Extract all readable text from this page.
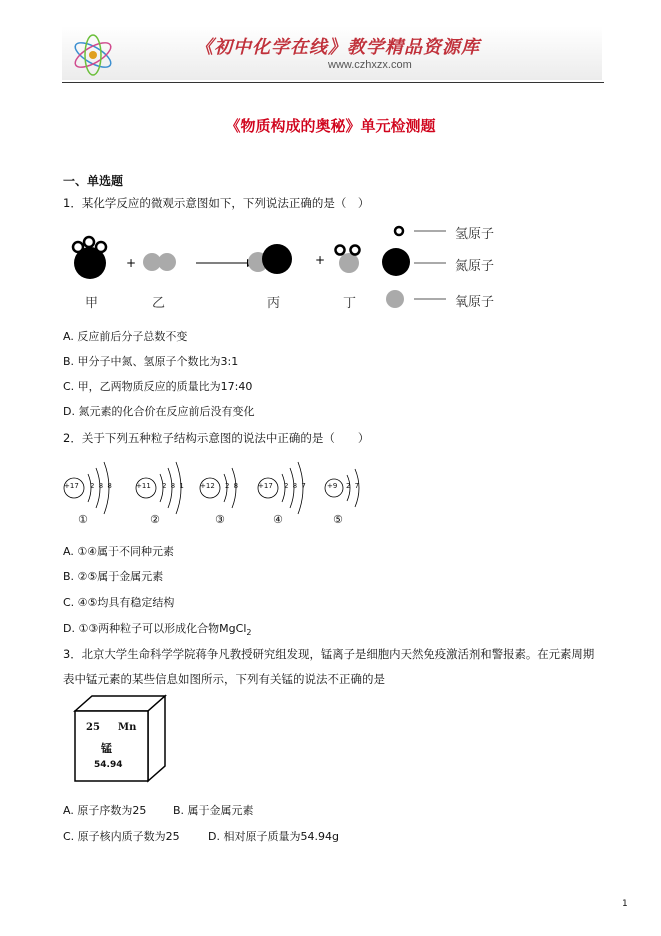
《初中化学在线》教学精品资源库
www.czhxzx.com
《物质构成的奥秘》单元检测题
一、单选题
1．某化学反应的微观示意图如下，下列说法正确的是（　）
+	+
氢原子
氮原子
氧原子
甲	乙	丙	丁
A. 反应前后分子总数不变
B. 甲分子中氮、氢原子个数比为3:1
C. 甲，乙两物质反应的质量比为17:40
D. 氮元素的化合价在反应前后没有变化
2．关于下列五种粒子结构示意图的说法中正确的是（　　）
+17 2 8 8	+11 2 8 1 +12 2 8	+17 2 8 7	+9 2 7
①	②	③	④	⑤
A. ①④属于不同种元素
B. ②⑤属于金属元素
C. ④⑤均具有稳定结构
D. ①③两种粒子可以形成化合物MgCl$_2$
3．北京大学生命科学学院蒋争凡教授研究组发现，锰离子是细胞内天然免疫激活剂和警报素。在元素周期
表中锰元素的某些信息如图所示，下列有关锰的说法不正确的是
25 Mn
锰
54.94
A. 原子序数为25 B. 属于金属元素
C. 原子核内质子数为25	D. 相对原子质量为54.94g
1
